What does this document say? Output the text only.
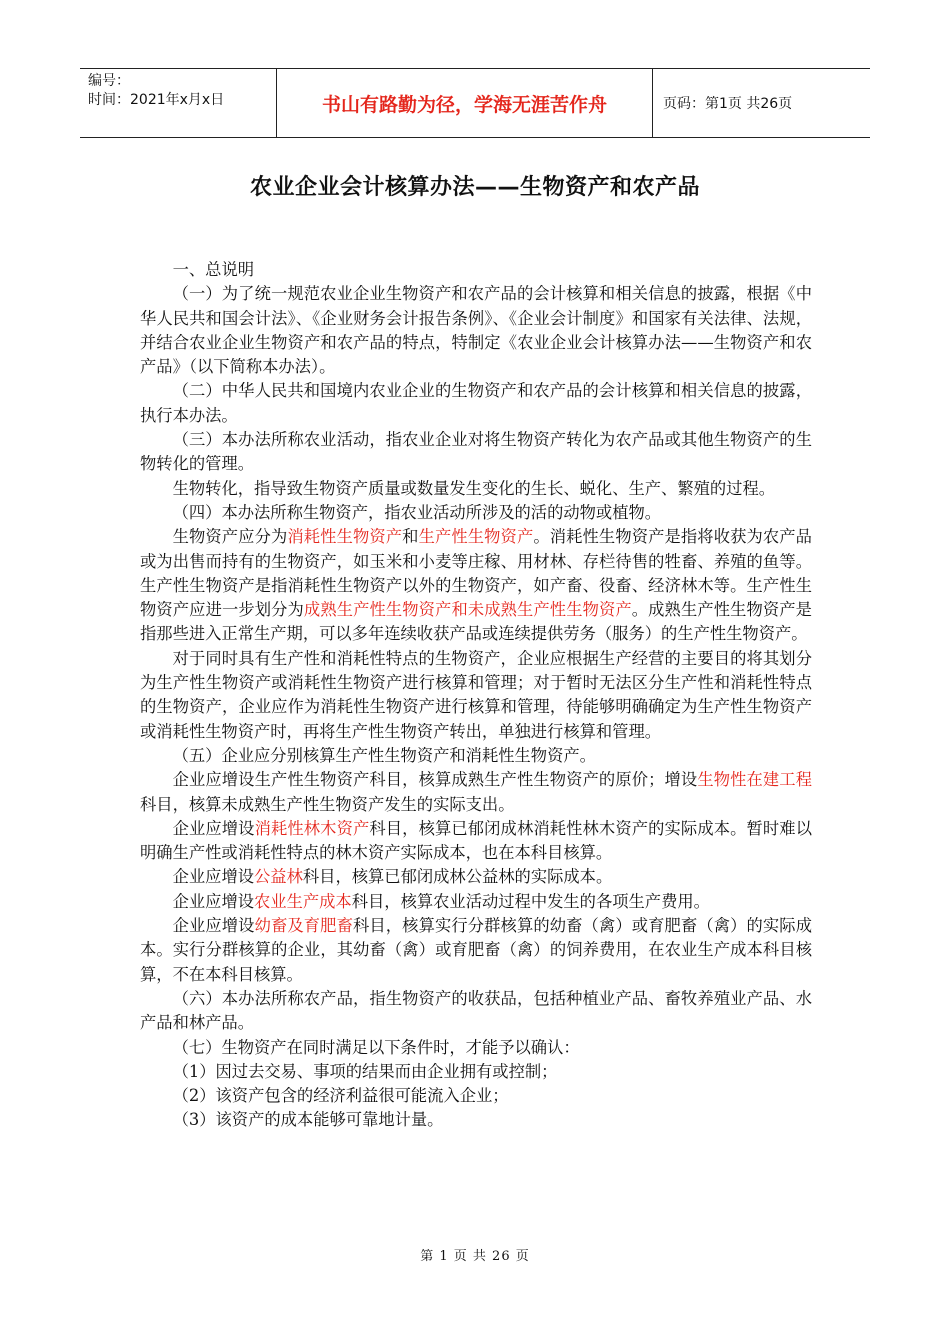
编号：
时间：2021年x月x日	书山有路勤为径，学海无涯苦作舟	页码：第1页 共26页
农业企业会计核算办法——生物资产和农产品

一、总说明

（一）为了统一规范农业企业生物资产和农产品的会计核算和相关信息的披露，根据《中华人民共和国会计法》、《企业财务会计报告条例》、《企业会计制度》和国家有关法律、法规，并结合农业企业生物资产和农产品的特点，特制定《农业企业会计核算办法——生物资产和农产品》（以下简称本办法）。

（二）中华人民共和国境内农业企业的生物资产和农产品的会计核算和相关信息的披露，执行本办法。

（三）本办法所称农业活动，指农业企业对将生物资产转化为农产品或其他生物资产的生物转化的管理。

生物转化，指导致生物资产质量或数量发生变化的生长、蜕化、生产、繁殖的过程。

（四）本办法所称生物资产，指农业活动所涉及的活的动物或植物。

生物资产应分为消耗性生物资产和生产性生物资产。消耗性生物资产是指将收获为农产品或为出售而持有的生物资产，如玉米和小麦等庄稼、用材林、存栏待售的牲畜、养殖的鱼等。生产性生物资产是指消耗性生物资产以外的生物资产，如产畜、役畜、经济林木等。生产性生物资产应进一步划分为成熟生产性生物资产和未成熟生产性生物资产。成熟生产性生物资产是指那些进入正常生产期，可以多年连续收获产品或连续提供劳务（服务）的生产性生物资产。

对于同时具有生产性和消耗性特点的生物资产，企业应根据生产经营的主要目的将其划分为生产性生物资产或消耗性生物资产进行核算和管理；对于暂时无法区分生产性和消耗性特点的生物资产，企业应作为消耗性生物资产进行核算和管理，待能够明确确定为生产性生物资产或消耗性生物资产时，再将生产性生物资产转出，单独进行核算和管理。

（五）企业应分别核算生产性生物资产和消耗性生物资产。

企业应增设生产性生物资产科目，核算成熟生产性生物资产的原价；增设生物性在建工程科目，核算未成熟生产性生物资产发生的实际支出。

企业应增设消耗性林木资产科目，核算已郁闭成林消耗性林木资产的实际成本。暂时难以明确生产性或消耗性特点的林木资产实际成本，也在本科目核算。

企业应增设公益林科目，核算已郁闭成林公益林的实际成本。

企业应增设农业生产成本科目，核算农业活动过程中发生的各项生产费用。

企业应增设幼畜及育肥畜科目，核算实行分群核算的幼畜（禽）或育肥畜（禽）的实际成本。实行分群核算的企业，其幼畜（禽）或育肥畜（禽）的饲养费用，在农业生产成本科目核算，不在本科目核算。

（六）本办法所称农产品，指生物资产的收获品，包括种植业产品、畜牧养殖业产品、水产品和林产品。

（七）生物资产在同时满足以下条件时，才能予以确认：

（1）因过去交易、事项的结果而由企业拥有或控制；

（2）该资产包含的经济利益很可能流入企业；

（3）该资产的成本能够可靠地计量。

第 1 页 共 26 页
